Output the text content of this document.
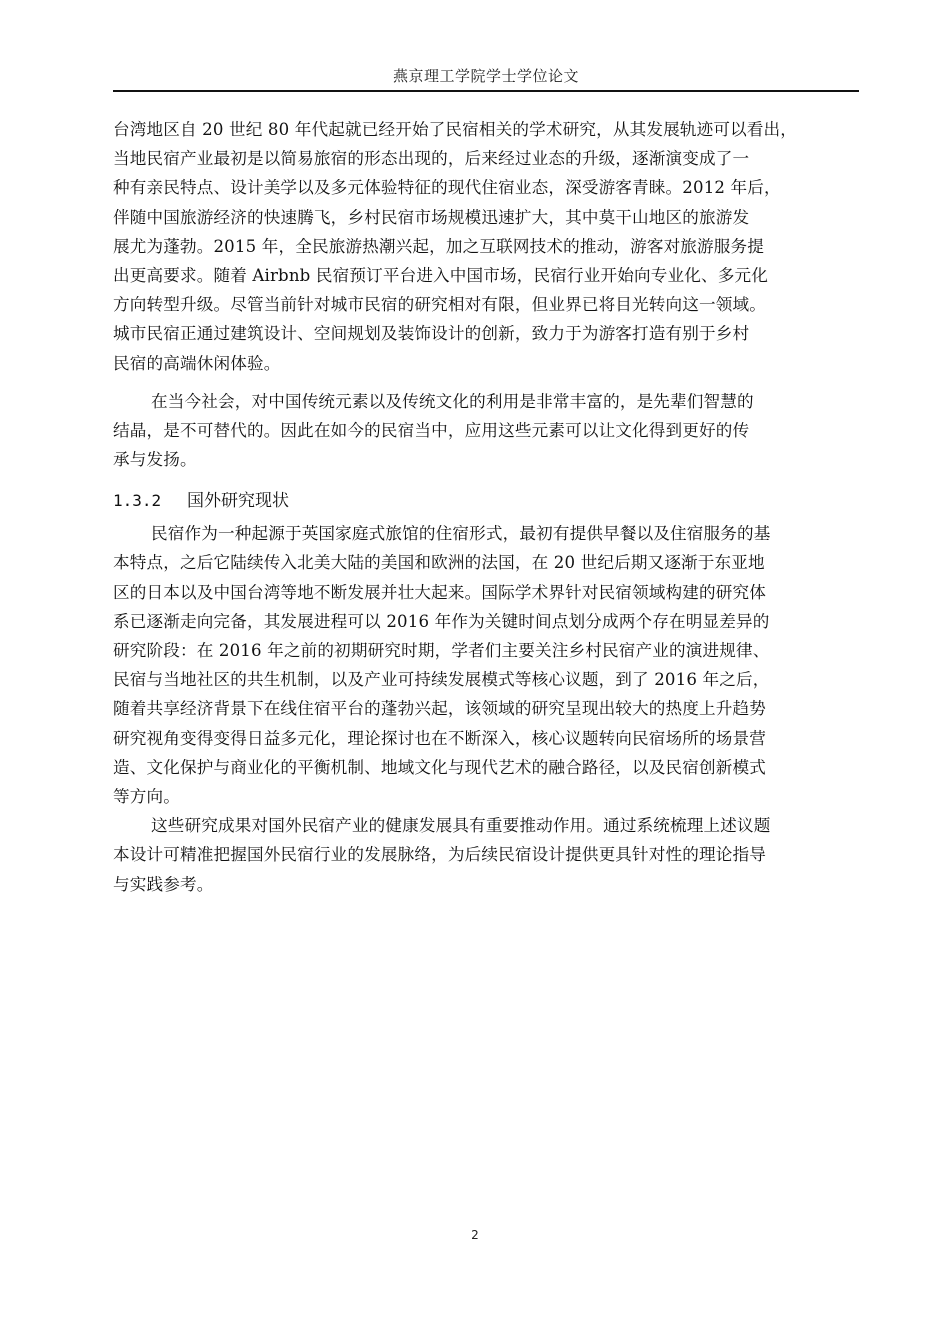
燕京理工学院学士学位论文
台湾地区自 20 世纪 80 年代起就已经开始了民宿相关的学术研究，从其发展轨迹可以看出，
当地民宿产业最初是以简易旅宿的形态出现的，后来经过业态的升级，逐渐演变成了一
种有亲民特点、设计美学以及多元体验特征的现代住宿业态，深受游客青睐。2012 年后，
伴随中国旅游经济的快速腾飞，乡村民宿市场规模迅速扩大，其中莫干山地区的旅游发
展尤为蓬勃。2015 年，全民旅游热潮兴起，加之互联网技术的推动，游客对旅游服务提
出更高要求。随着 Airbnb 民宿预订平台进入中国市场，民宿行业开始向专业化、多元化
方向转型升级。尽管当前针对城市民宿的研究相对有限，但业界已将目光转向这一领域。
城市民宿正通过建筑设计、空间规划及装饰设计的创新，致力于为游客打造有别于乡村
民宿的高端休闲体验。
在当今社会，对中国传统元素以及传统文化的利用是非常丰富的，是先辈们智慧的
结晶，是不可替代的。因此在如今的民宿当中，应用这些元素可以让文化得到更好的传
承与发扬。
1.3.2 国外研究现状
民宿作为一种起源于英国家庭式旅馆的住宿形式，最初有提供早餐以及住宿服务的基
本特点，之后它陆续传入北美大陆的美国和欧洲的法国，在 20 世纪后期又逐渐于东亚地
区的日本以及中国台湾等地不断发展并壮大起来。国际学术界针对民宿领域构建的研究体
系已逐渐走向完备，其发展进程可以 2016 年作为关键时间点划分成两个存在明显差异的
研究阶段：在 2016 年之前的初期研究时期，学者们主要关注乡村民宿产业的演进规律、
民宿与当地社区的共生机制，以及产业可持续发展模式等核心议题，到了 2016 年之后，
随着共享经济背景下在线住宿平台的蓬勃兴起，该领域的研究呈现出较大的热度上升趋势
研究视角变得变得日益多元化，理论探讨也在不断深入，核心议题转向民宿场所的场景营
造、文化保护与商业化的平衡机制、地域文化与现代艺术的融合路径，以及民宿创新模式
等方向。
这些研究成果对国外民宿产业的健康发展具有重要推动作用。通过系统梳理上述议题
本设计可精准把握国外民宿行业的发展脉络，为后续民宿设计提供更具针对性的理论指导
与实践参考。
2
